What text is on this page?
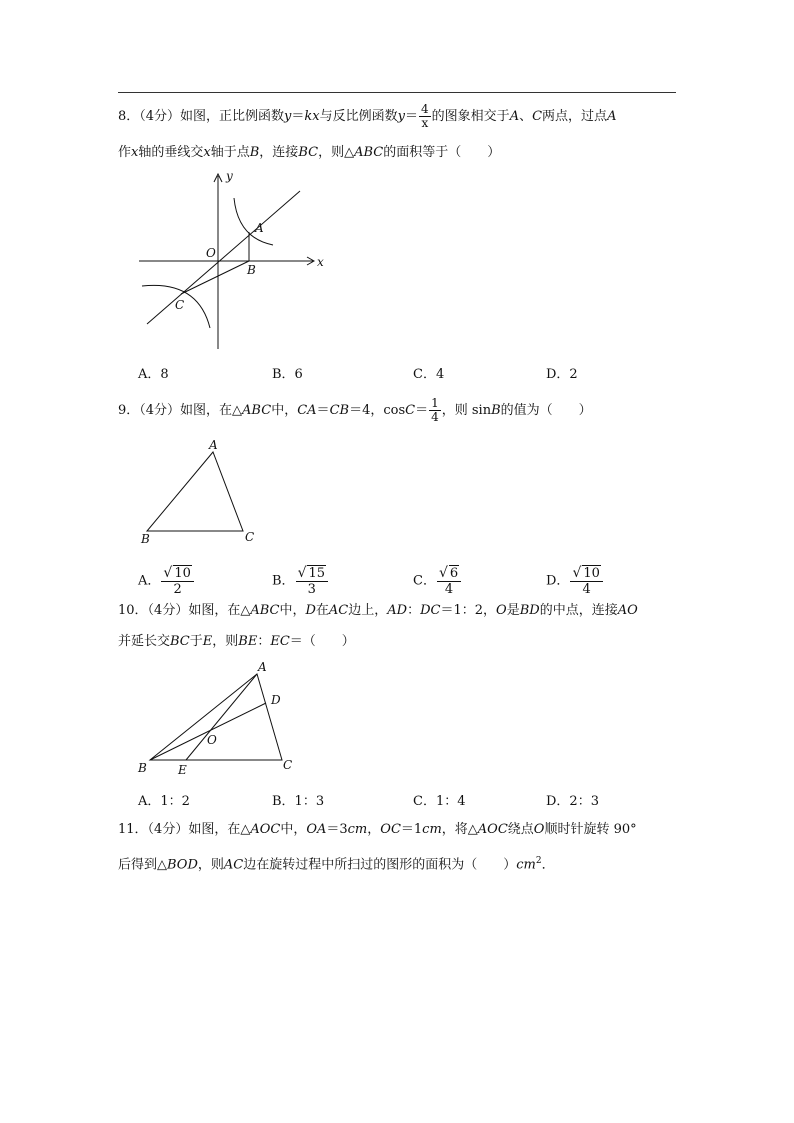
8．（4分）如图，正比例函数y＝kx与反比例函数$y= \frac{4}{x}$ 的图象相交于A、C两点，过点A
作x轴的垂线交x轴于点B，连接BC，则△ABC的面积等于（　　）
y
x
O
A
B
C
A．8	B．6	C．4	D．2
9．（4分）如图，在△ABC中，CA＝CB＝4，$\cos C= \frac{1}{4}$ ，则 sinB的值为（　　）
A
B	C
A． $\frac{√ 10}{2}$	B． $\frac{√ 15}{3}$	C． $\frac{√ 6}{4}$	D． $\frac{√ 10}{4}$
10．（4分）如图，在△ABC中，D在AC边上，AD：DC＝1：2，O是BD的中点，连接AO
并延长交BC于E，则BE：EC＝（　　）
A
D
O
B	E	C
A．1：2	B．1：3	C．1：4	D．2：3
11．（4分）如图，在△AOC中，OA＝3cm，OC＝1cm，将△AOC绕点O顺时针旋转 90°
后得到△BOD，则AC边在旋转过程中所扫过的图形的面积为（　　）$cm^2$．
